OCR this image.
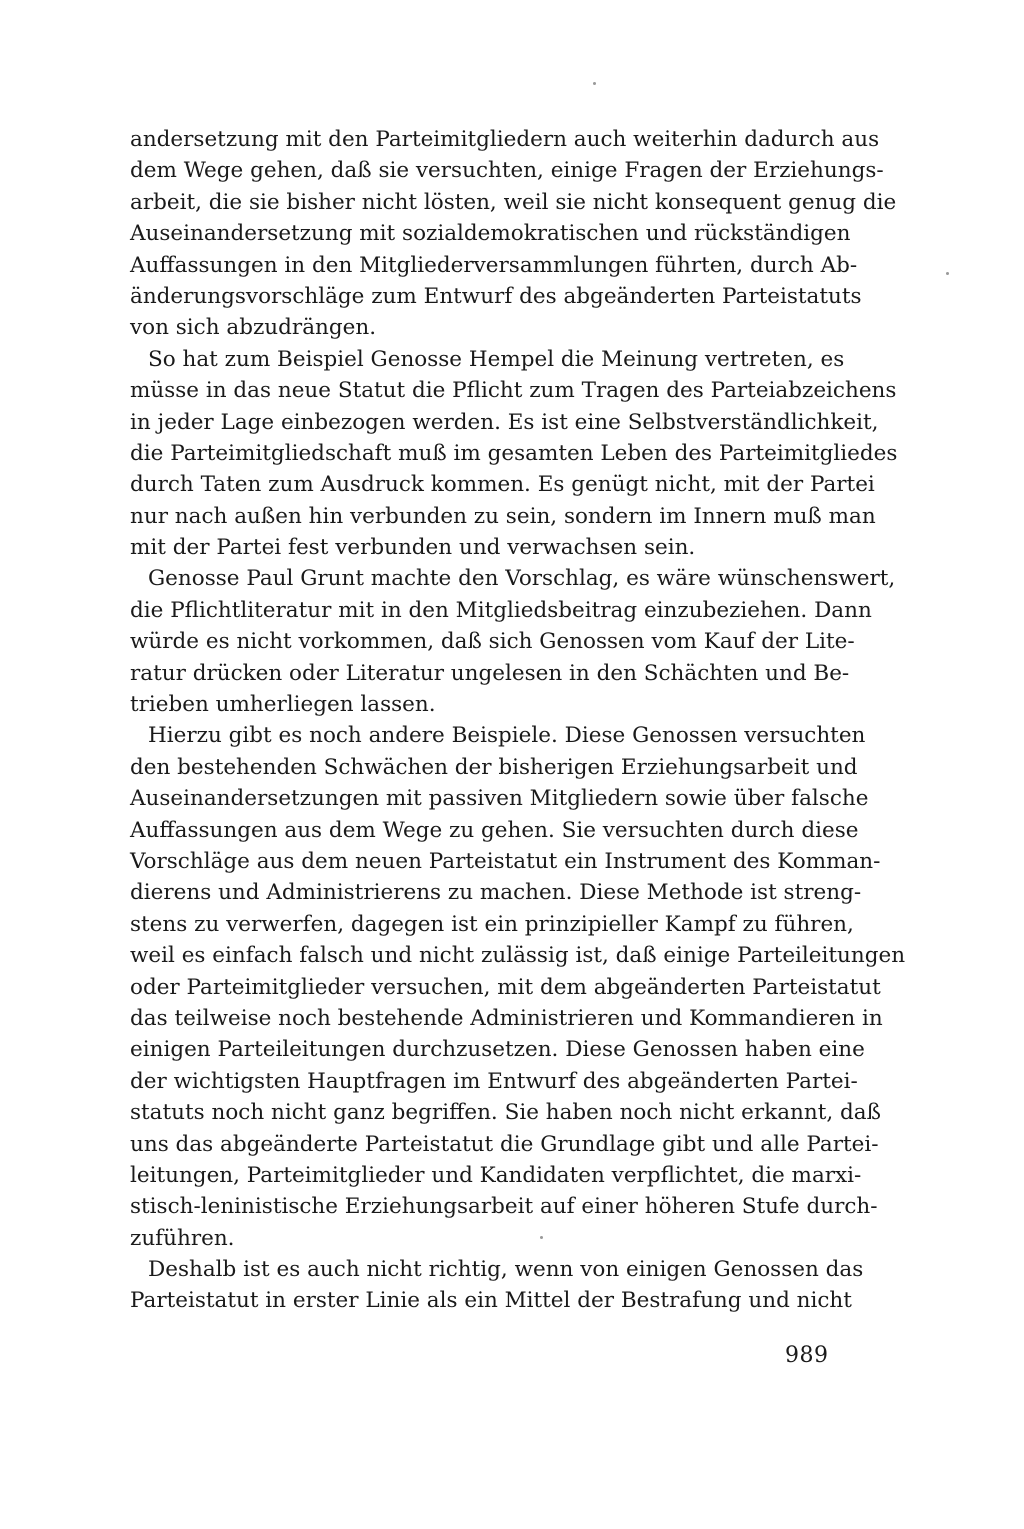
andersetzung mit den Parteimitgliedern auch weiterhin dadurch aus
dem Wege gehen, daß sie versuchten, einige Fragen der Erziehungs-
arbeit, die sie bisher nicht lösten, weil sie nicht konsequent genug die
Auseinandersetzung mit sozialdemokratischen und rückständigen
Auffassungen in den Mitgliederversammlungen führten, durch Ab-
änderungsvorschläge zum Entwurf des abgeänderten Parteistatuts
von sich abzudrängen.
So hat zum Beispiel Genosse Hempel die Meinung vertreten, es
müsse in das neue Statut die Pflicht zum Tragen des Parteiabzeichens
in jeder Lage einbezogen werden. Es ist eine Selbstverständlichkeit,
die Parteimitgliedschaft muß im gesamten Leben des Parteimitgliedes
durch Taten zum Ausdruck kommen. Es genügt nicht, mit der Partei
nur nach außen hin verbunden zu sein, sondern im Innern muß man
mit der Partei fest verbunden und verwachsen sein.
Genosse Paul Grunt machte den Vorschlag, es wäre wünschenswert,
die Pflichtliteratur mit in den Mitgliedsbeitrag einzubeziehen. Dann
würde es nicht vorkommen, daß sich Genossen vom Kauf der Lite-
ratur drücken oder Literatur ungelesen in den Schächten und Be-
trieben umherliegen lassen.
Hierzu gibt es noch andere Beispiele. Diese Genossen versuchten
den bestehenden Schwächen der bisherigen Erziehungsarbeit und
Auseinandersetzungen mit passiven Mitgliedern sowie über falsche
Auffassungen aus dem Wege zu gehen. Sie versuchten durch diese
Vorschläge aus dem neuen Parteistatut ein Instrument des Komman-
dierens und Administrierens zu machen. Diese Methode ist streng-
stens zu verwerfen, dagegen ist ein prinzipieller Kampf zu führen,
weil es einfach falsch und nicht zulässig ist, daß einige Parteileitungen
oder Parteimitglieder versuchen, mit dem abgeänderten Parteistatut
das teilweise noch bestehende Administrieren und Kommandieren in
einigen Parteileitungen durchzusetzen. Diese Genossen haben eine
der wichtigsten Hauptfragen im Entwurf des abgeänderten Partei-
statuts noch nicht ganz begriffen. Sie haben noch nicht erkannt, daß
uns das abgeänderte Parteistatut die Grundlage gibt und alle Partei-
leitungen, Parteimitglieder und Kandidaten verpflichtet, die marxi-
stisch-leninistische Erziehungsarbeit auf einer höheren Stufe durch-
zuführen.
Deshalb ist es auch nicht richtig, wenn von einigen Genossen das
Parteistatut in erster Linie als ein Mittel der Bestrafung und nicht
989
